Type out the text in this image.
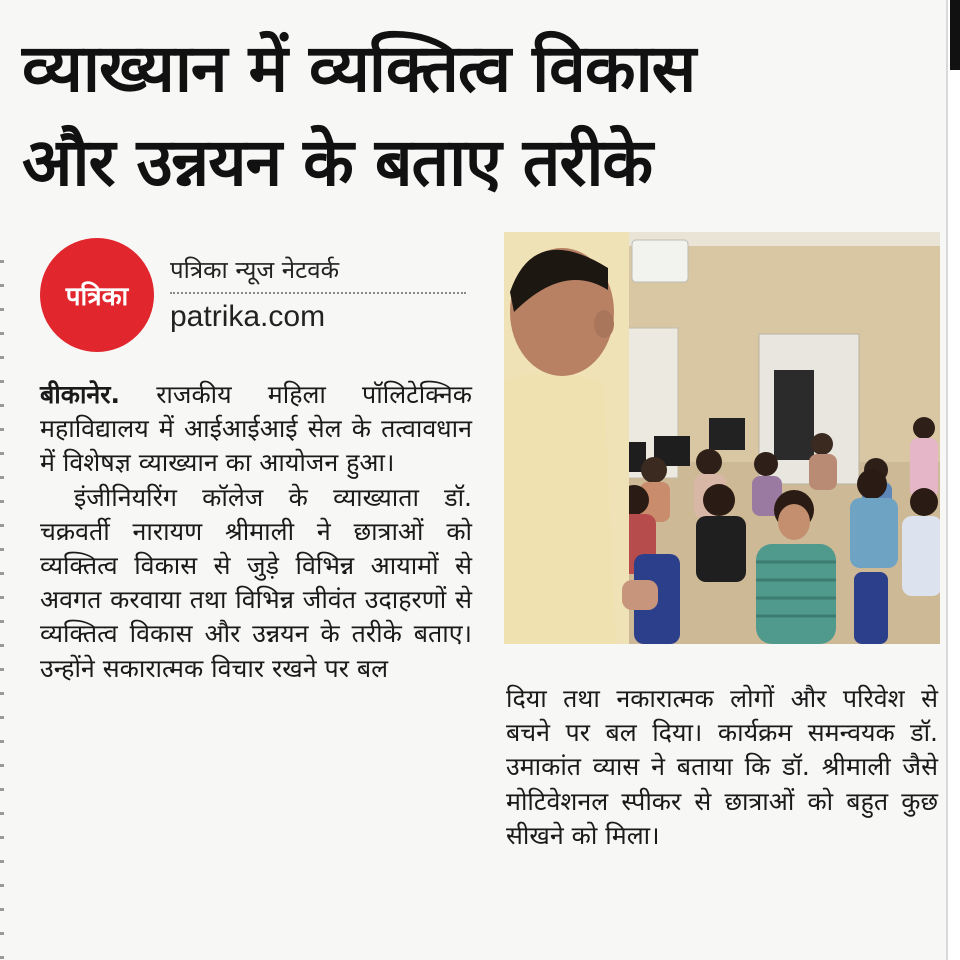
व्याख्यान में व्यक्तित्व विकास
और उन्नयन के बताए तरीके
पत्रिका
पत्रिका न्यूज नेटवर्क
patrika.com

बीकानेर. राजकीय महिला पॉलिटेक्निक महाविद्यालय में आईआईआई सेल के तत्वावधान में विशेषज्ञ व्याख्यान का आयोजन हुआ।

इंजीनियरिंग कॉलेज के व्याख्याता डॉ. चक्रवर्ती नारायण श्रीमाली ने छात्राओं को व्यक्तित्व विकास से जुड़े विभिन्न आयामों से अवगत करवाया तथा विभिन्न जीवंत उदाहरणों से व्यक्तित्व विकास और उन्नयन के तरीके बताए। उन्होंने सकारात्मक विचार रखने पर बल

दिया तथा नकारात्मक लोगों और परिवेश से बचने पर बल दिया। कार्यक्रम समन्वयक डॉ. उमाकांत व्यास ने बताया कि डॉ. श्रीमाली जैसे मोटिवेशनल स्पीकर से छात्राओं को बहुत कुछ सीखने को मिला।
